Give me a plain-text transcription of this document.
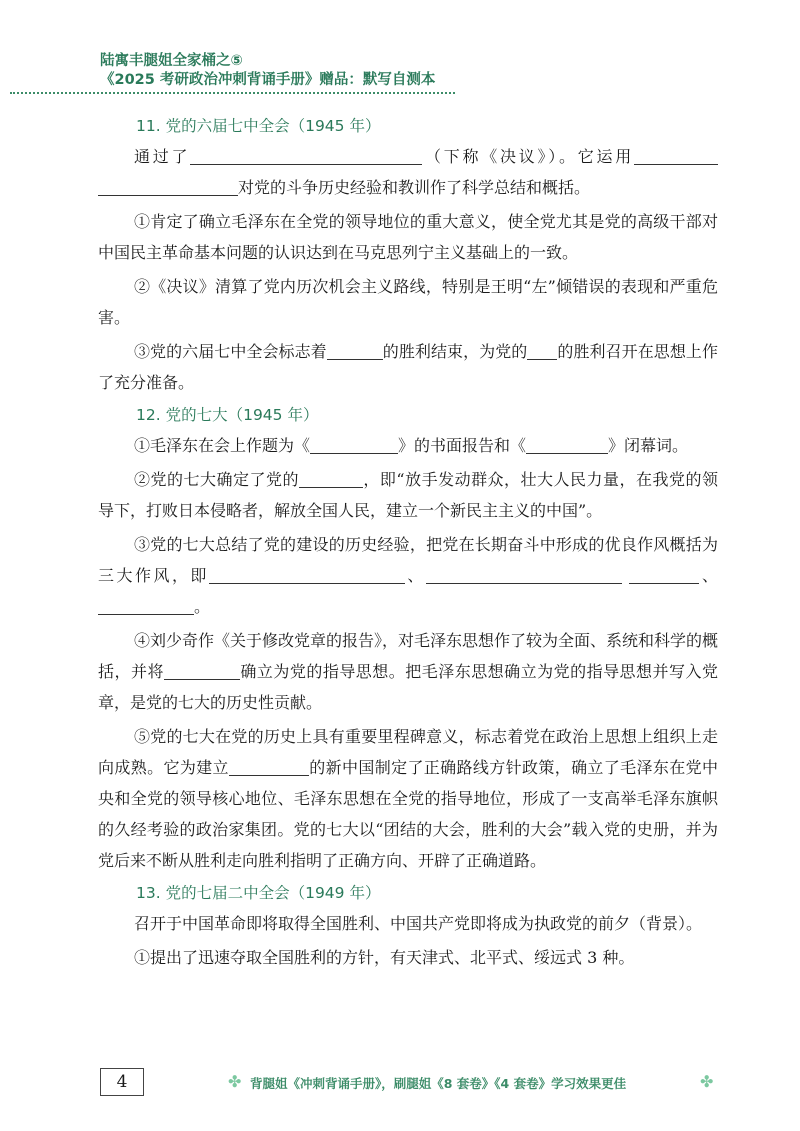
陆寓丰腿姐全家桶之⑤
《2025 考研政治冲刺背诵手册》赠品：默写自测本
11. 党的六届七中全会（1945 年）
通过了	（下称《决议》）。它运用 对党的斗争历史经验和教训作了科学总结和概括。
①肯定了确立毛泽东在全党的领导地位的重大意义，使全党尤其是党的高级干部对中国民主革命基本问题的认识达到在马克思列宁主义基础上的一致。
②《决议》清算了党内历次机会主义路线，特别是王明“左”倾错误的表现和严重危害。
③党的六届七中全会标志着	的胜利结束，为党的 的胜利召开在思想上作了充分准备。
12. 党的七大（1945 年）
①毛泽东在会上作题为《	》的书面报告和《	》闭幕词。
②党的七大确定了党的	，即“放手发动群众，壮大人民力量，在我党的领导下，打败日本侵略者，解放全国人民，建立一个新民主主义的中国”。
③党的七大总结了党的建设的历史经验，把党在长期奋斗中形成的优良作风概括为三大作风，即	、	、。
④刘少奇作《关于修改党章的报告》，对毛泽东思想作了较为全面、系统和科学的概括，并将	确立为党的指导思想。把毛泽东思想确立为党的指导思想并写入党章，是党的七大的历史性贡献。
⑤党的七大在党的历史上具有重要里程碑意义，标志着党在政治上思想上组织上走向成熟。它为建立	的新中国制定了正确路线方针政策，确立了毛泽东在党中央和全党的领导核心地位、毛泽东思想在全党的指导地位，形成了一支高举毛泽东旗帜的久经考验的政治家集团。党的七大以“团结的大会，胜利的大会”载入党的史册，并为党后来不断从胜利走向胜利指明了正确方向、开辟了正确道路。
13. 党的七届二中全会（1949 年）
召开于中国革命即将取得全国胜利、中国共产党即将成为执政党的前夕（背景）。
①提出了迅速夺取全国胜利的方针，有天津式、北平式、绥远式 3 种。
4	✤ 背腿姐《冲刺背诵手册》，刷腿姐《8 套卷》《4 套卷》学习效果更佳	✤
